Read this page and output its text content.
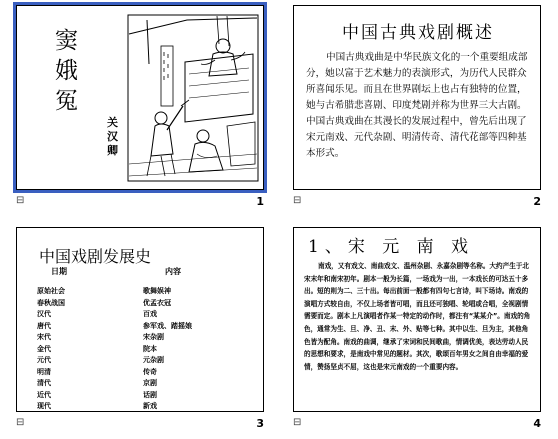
窦娥冤
关汉卿
⊟	1
中国古典戏剧概述
中国古典戏曲是中华民族文化的一个重要组成部分，她以富于艺术魅力的表演形式，为历代人民群众所喜闻乐见。而且在世界剧坛上也占有独特的位置，她与古希腊悲喜剧、印度梵剧并称为世界三大古剧。中国古典戏曲在其漫长的发展过程中，曾先后出现了宋元南戏、元代杂剧、明清传奇、清代花部等四种基本形式。
⊟	2
中国戏剧发展史
日期	内容
原始社会	歌舞娱神
春秋战国	优孟衣冠
汉代	百戏
唐代	参军戏、踏摇娘
宋代	宋杂剧
金代	院本
元代	元杂剧
明清	传奇
清代	京剧
近代	话剧
现代	新戏
⊟	3
1、宋 元 南 戏
南戏，又有戏文、南曲戏文、温州杂剧、永嘉杂剧等名称。大约产生于北宋末年和南宋初年。剧本一般为长篇，一场戏为一出，一本戏长的可达五十多出。短的则为二、三十出。每出前面一般都有四句七言诗，叫下场诗。南戏的演唱方式较自由，不仅上场者皆可唱，而且还可独唱、轮唱或合唱，全视剧情需要而定。剧本上凡演唱者作某一特定的动作时，都注有“某某介”。南戏的角色，通常为生、旦、净、丑、末、外、贴等七种。其中以生、旦为主，其他角色皆为配角。南戏的曲调，继承了宋词和民间歌曲，情调优美，表达劳动人民的思想和要求，是南戏中常见的题材。其次，歌颂百年男女之间自由幸福的爱情，赞扬坚贞不屈，这也是宋元南戏的一个重要内容。
⊟	4
